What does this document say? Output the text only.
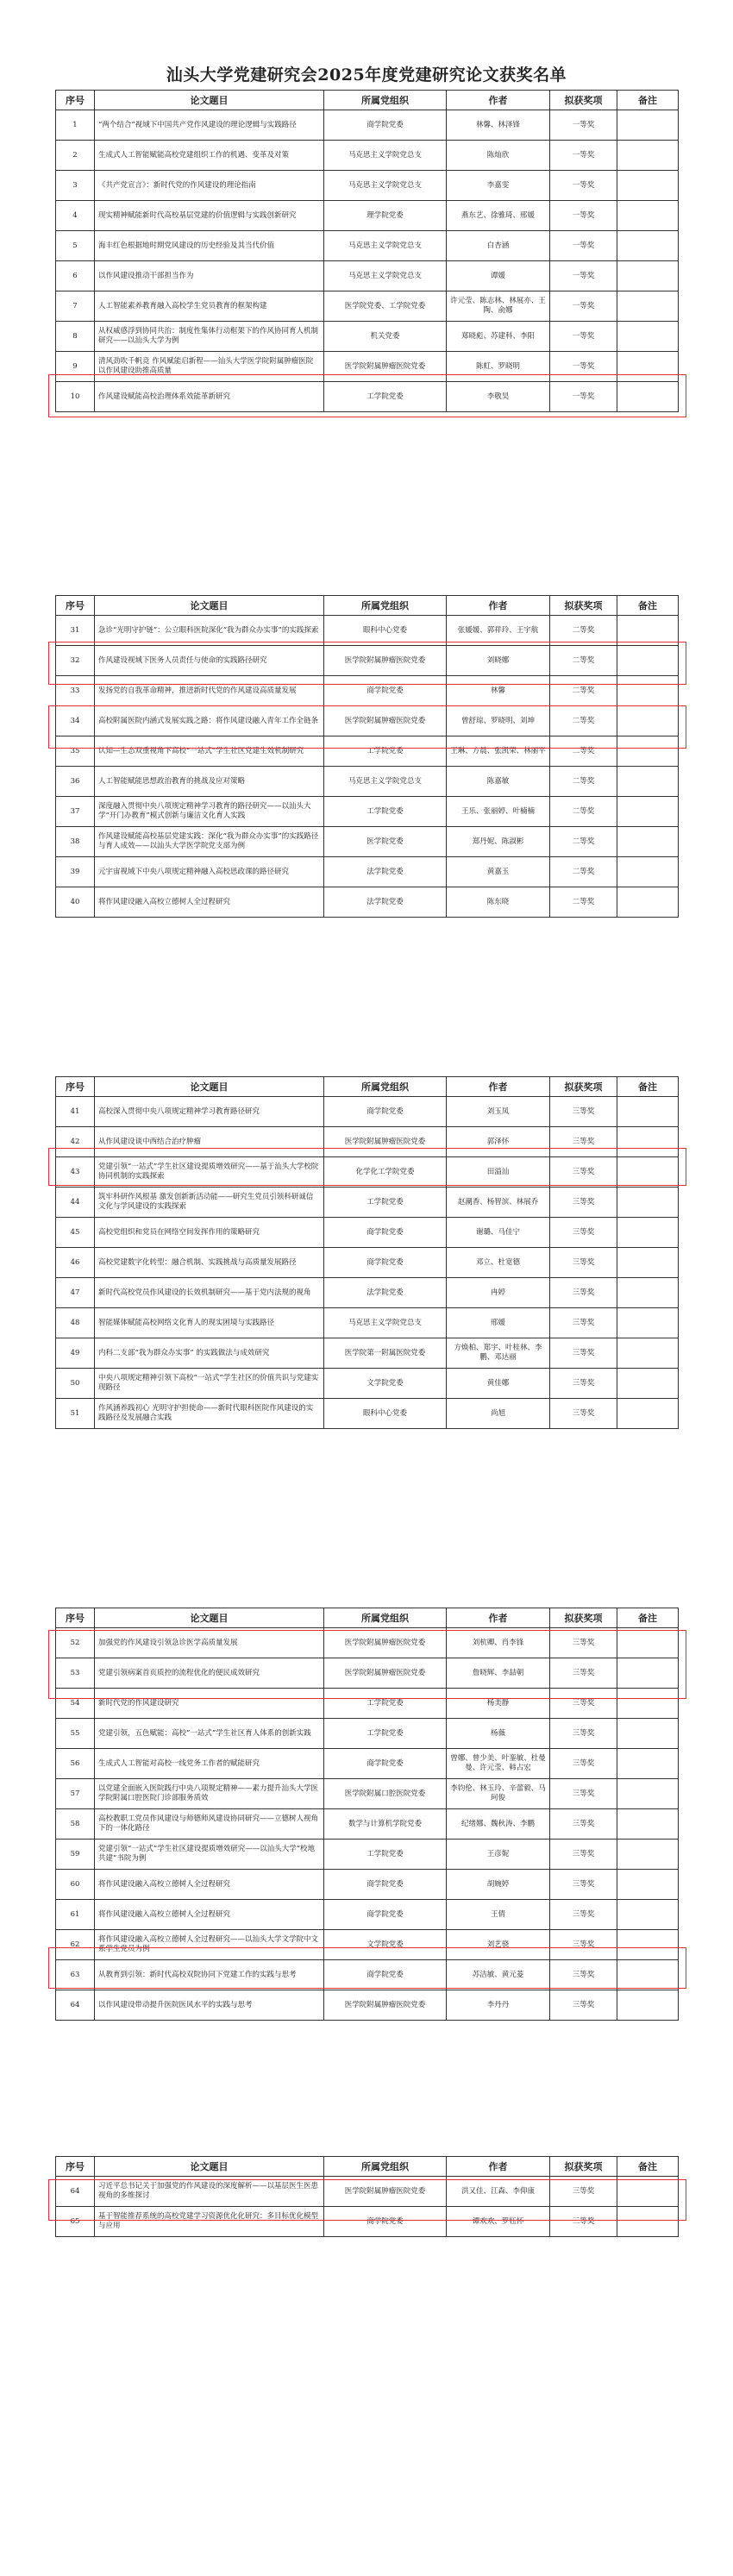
汕头大学党建研究会2025年度党建研究论文获奖名单
序号	论文题目	所属党组织	作者	拟获奖项	备注
1	“两个结合”视域下中国共产党作风建设的理论逻辑与实践路径	商学院党委	林馨、林泽锋	一等奖	
2	生成式人工智能赋能高校党建组织工作的机遇、变革及对策	马克思主义学院党总支	陈灿欣	一等奖	
3	《共产党宣言》：新时代党的作风建设的理论指南	马克思主义学院党总支	李嘉雯	一等奖	
4	现实精神赋能新时代高校基层党建的价值逻辑与实践创新研究	理学院党委	燕东艺、徐雅琦、邢媛	一等奖	
5	海丰红色根据地时期党风建设的历史经验及其当代价值	马克思主义学院党总支	白杏涵	一等奖	
6	以作风建设推动干部担当作为	马克思主义学院党总支	谭媛	一等奖	
7	人工智能素养教育融入高校学生党员教育的框架构建	医学院党委、工学院党委	许元莹、陈志林、林展亦、王陶、俞娜	一等奖	
8	从权威感浮到协同共治：制度性集体行动框架下的作风协同育人机制研究——以汕头大学为例	机关党委	郑晓彪、苏建科、李阳	一等奖	
9	清风劲吹千帆竞 作风赋能启新程——汕头大学医学院附属肿瘤医院以作风建设助推高质量	医学院附属肿瘤医院党委	陈虹、罗晓明	一等奖	
10	作风建设赋能高校治理体系效能革新研究	工学院党委	李敬昊	一等奖	
序号	论文题目	所属党组织	作者	拟获奖项	备注
31	急诊“光明守护链”：公立眼科医院深化“我为群众办实事”的实践探索	眼科中心党委	张媛媛、郭祥玲、王宇航	二等奖	
32	作风建设视域下医务人员责任与使命的实践路径研究	医学院附属肿瘤医院党委	刘晓娜	二等奖	
33	发扬党的自我革命精神，推进新时代党的作风建设高质量发展	商学院党委	林馨	二等奖	
34	高校附属医院内涵式发展实践之路：将作风建设融入青年工作全链条	医学院附属肿瘤医院党委	曾舒琼、罗晓明、刘坤	二等奖	
35	认知—生态双重视角下高校“一站式”学生社区党建生效机制研究	工学院党委	王琳、方晨、张凯荣、林丽平	二等奖	
36	人工智能赋能思想政治教育的挑战及应对策略	马克思主义学院党总支	陈嘉敏	二等奖	
37	深度融入贯彻中央八项规定精神学习教育的路径研究——以汕头大学“开门办教育”模式创新与廉洁文化育人实践	工学院党委	王乐、张丽婷、叶楠楠	二等奖	
38	作风建设赋能高校基层党建实践：深化“我为群众办实事”的实践路径与育人成效——以汕头大学医学院党支部为例	医学院党委	郑丹妮、陈淑彬	二等奖	
39	元宇宙视域下中央八项规定精神融入高校思政课的路径研究	法学院党委	黄嘉玉	二等奖	
40	将作风建设融入高校立德树人全过程研究	法学院党委	陈东晓	二等奖	
序号	论文题目	所属党组织	作者	拟获奖项	备注
41	高校深入贯彻中央八项规定精神学习教育路径研究	商学院党委	刘玉凤	三等奖	
42	从作风建设谈中西结合治疗肿瘤	医学院附属肿瘤医院党委	郭泽怀	三等奖	
43	党建引领“一站式”学生社区建设提质增效研究——基于汕头大学校院协同机制的实践探索	化学化工学院党委	田溢汕	三等奖	
44	筑牢科研作风根基 激发创新新活动能——研究生党员引领科研诚信文化与学风建设的实践探索	工学院党委	赵潮香、杨智滨、林展乔	三等奖	
45	高校党组织和党员在网络空间发挥作用的策略研究	商学院党委	谢璐、马佳宁	三等奖	
46	高校党建数字化转型：融合机制、实践挑战与高质量发展路径	商学院党委	邓立、杜宽德	三等奖	
47	新时代高校党员作风建设的长效机制研究——基于党内法规的视角	法学院党委	冉婷	三等奖	
48	智能媒体赋能高校网络文化育人的现实困境与实践路径	马克思主义学院党总支	邢媛	三等奖	
49	内科二支部“我为群众办实事” 的实践做法与成效研究	医学院第一附属医院党委	方焕柏、郑宇、叶桂林、李鹏、邓达丽	三等奖	
50	中央八项规定精神引领下高校“一站式”学生社区的价值共识与党建实现路径	文学院党委	黄佳娜	三等奖	
51	作风涵养践初心 光明守护担使命——新时代眼科医院作风建设的实践路径及发展融合实践	眼科中心党委	尚旭	三等奖	
序号	论文题目	所属党组织	作者	拟获奖项	备注
52	加强党的作风建设引领急诊医学高质量发展	医学院附属肿瘤医院党委	刘杭卿、肖李锋	三等奖	
53	党建引领病案首页质控的流程优化的便民成效研究	医学院附属肿瘤医院党委	詹晓辉、李喆朝	三等奖	
54	新时代党的作风建设研究	工学院党委	杨美静	三等奖	
55	党建引领，五色赋能：高校“一站式”学生社区育人体系的创新实践	工学院党委	杨薇	三等奖	
56	生成式人工智能对高校一线党务工作者的赋能研究	商学院党委	曾娜、曾少美、叶銮敏、杜曼曼、许元莹、韩占宏	三等奖	
57	以党建全面嵌入医院践行中央八项规定精神——素力提升汕头大学医学院附属口腔医院门诊部服务质效	医学院附属口腔医院党委	李钧伦、林玉玲、辛蕾毅、马珂俊	三等奖	
58	高校教职工党员作风建设与师德师风建设协同研究——立德树人视角下的一体化路径	数学与计算机学院党委	纪绪娜、魏秋涛、李鹏	三等奖	
59	党建引领“一站式”学生社区建设提质增效研究——以汕头大学“校地共建”书院为例	工学院党委	王彦妮	三等奖	
60	将作风建设融入高校立德树人全过程研究	商学院党委	胡婉婷	三等奖	
61	将作风建设融入高校立德树人全过程研究	商学院党委	王倩	三等奖	
62	将作风建设融入高校立德树人全过程研究——以汕头大学文学院中文系学生党员为例	文学院党委	刘艺骁	三等奖	
63	从教育到引领：新时代高校双院协同下党建工作的实践与思考	商学院党委	苏洁敏、黄元菱	三等奖	
64	以作风建设带动提升医院医风水平的实践与思考	医学院附属肿瘤医院党委	李丹丹	三等奖	
序号	论文题目	所属党组织	作者	拟获奖项	备注
64	习近平总书记关于加强党的作风建设的深度解析——以基层医生医患视角的多维探讨	医学院附属肿瘤医院党委	洪又佳、江森、李仰康	三等奖	
65	基于智能推荐系统的高校党建学习资源优化化研究：多目标优化模型与应用	商学院党委	谭欢欢、罗钰怀	三等奖	
